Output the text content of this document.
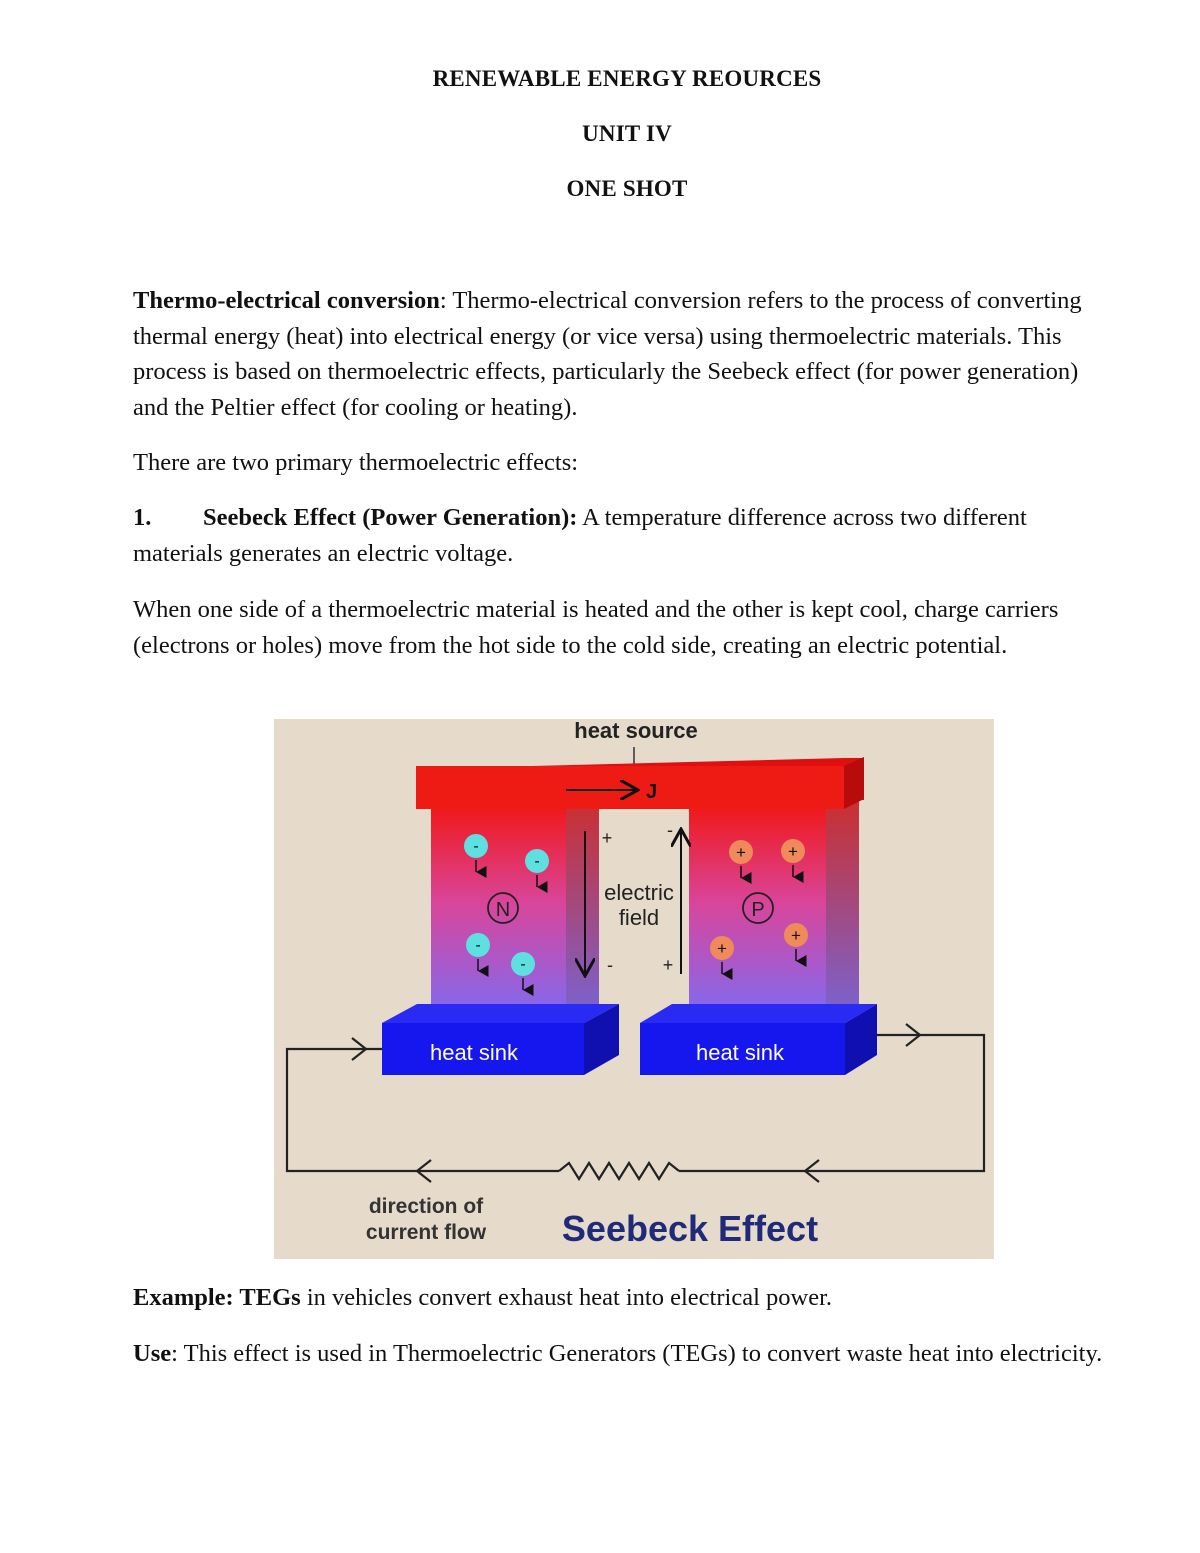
RENEWABLE ENERGY REOURCES
UNIT IV
ONE SHOT

Thermo-electrical conversion: Thermo-electrical conversion refers to the process of converting thermal energy (heat) into electrical energy (or vice versa) using thermoelectric materials. This process is based on thermoelectric effects, particularly the Seebeck effect (for power generation) and the Peltier effect (for cooling or heating).

There are two primary thermoelectric effects:

1. Seebeck Effect (Power Generation): A temperature difference across two different materials generates an electric voltage.

When one side of a thermoelectric material is heated and the other is kept cool, charge carriers (electrons or holes) move from the hot side to the cold side, creating an electric potential.

heat source
J
heat sink	heat sink
-
-
-
-
N
+ +
+
+
P
+	-
-	+
electric
field
direction of
current flow Seebeck Effect

Example: TEGs in vehicles convert exhaust heat into electrical power.

Use: This effect is used in Thermoelectric Generators (TEGs) to convert waste heat into electricity.
